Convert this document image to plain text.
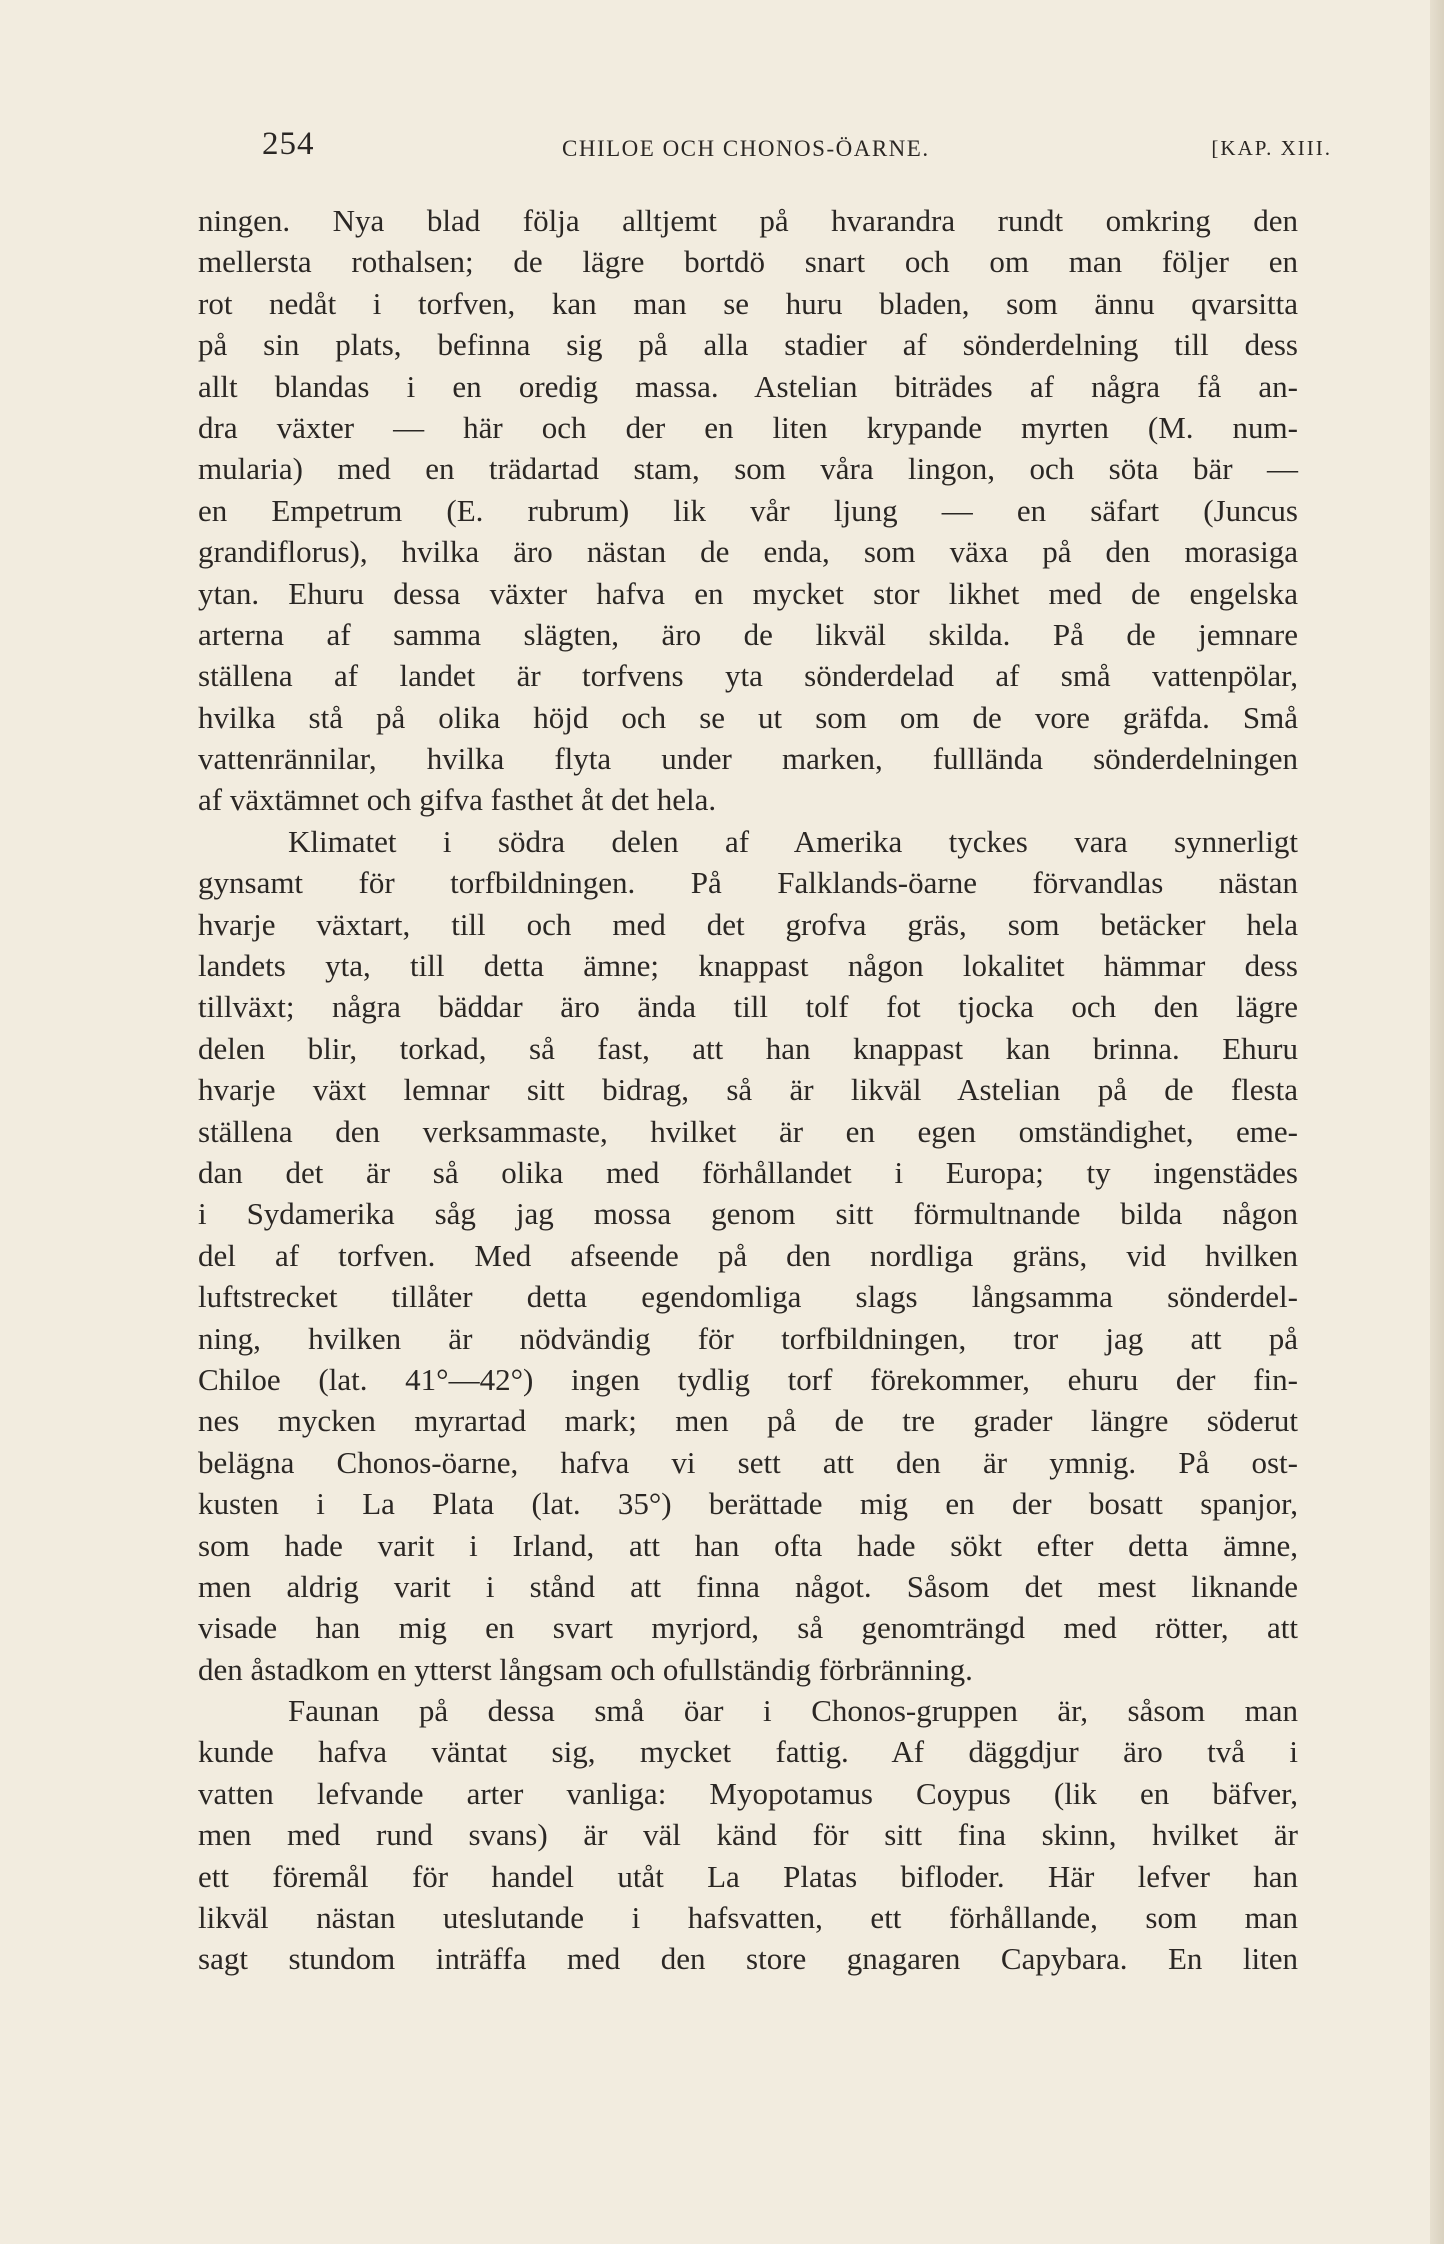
254	CHILOE OCH CHONOS-ÖARNE.	[KAP. XIII.
ningen. Nya blad följa alltjemt på hvarandra rundt omkring den
mellersta rothalsen; de lägre bortdö snart och om man följer en
rot nedåt i torfven, kan man se huru bladen, som ännu qvarsitta
på sin plats, befinna sig på alla stadier af sönderdelning till dess
allt blandas i en oredig massa. Astelian biträdes af några få an-
dra växter — här och der en liten krypande myrten (M. num-
mularia) med en trädartad stam, som våra lingon, och söta bär —
en Empetrum (E. rubrum) lik vår ljung — en säfart (Juncus
grandiflorus), hvilka äro nästan de enda, som växa på den morasiga
ytan. Ehuru dessa växter hafva en mycket stor likhet med de engelska
arterna af samma slägten, äro de likväl skilda. På de jemnare
ställena af landet är torfvens yta sönderdelad af små vattenpölar,
hvilka stå på olika höjd och se ut som om de vore gräfda. Små
vattenrännilar, hvilka flyta under marken, fulllända sönderdelningen
af växtämnet och gifva fasthet åt det hela.
Klimatet i södra delen af Amerika tyckes vara synnerligt
gynsamt för torfbildningen. På Falklands-öarne förvandlas nästan
hvarje växtart, till och med det grofva gräs, som betäcker hela
landets yta, till detta ämne; knappast någon lokalitet hämmar dess
tillväxt; några bäddar äro ända till tolf fot tjocka och den lägre
delen blir, torkad, så fast, att han knappast kan brinna. Ehuru
hvarje växt lemnar sitt bidrag, så är likväl Astelian på de flesta
ställena den verksammaste, hvilket är en egen omständighet, eme-
dan det är så olika med förhållandet i Europa; ty ingenstädes
i Sydamerika såg jag mossa genom sitt förmultnande bilda någon
del af torfven. Med afseende på den nordliga gräns, vid hvilken
luftstrecket tillåter detta egendomliga slags långsamma sönderdel-
ning, hvilken är nödvändig för torfbildningen, tror jag att på
Chiloe (lat. 41°—42°) ingen tydlig torf förekommer, ehuru der fin-
nes mycken myrartad mark; men på de tre grader längre söderut
belägna Chonos-öarne, hafva vi sett att den är ymnig. På ost-
kusten i La Plata (lat. 35°) berättade mig en der bosatt spanjor,
som hade varit i Irland, att han ofta hade sökt efter detta ämne,
men aldrig varit i stånd att finna något. Såsom det mest liknande
visade han mig en svart myrjord, så genomträngd med rötter, att
den åstadkom en ytterst långsam och ofullständig förbränning.
Faunan på dessa små öar i Chonos-gruppen är, såsom man
kunde hafva väntat sig, mycket fattig. Af däggdjur äro två i
vatten lefvande arter vanliga: Myopotamus Coypus (lik en bäfver,
men med rund svans) är väl känd för sitt fina skinn, hvilket är
ett föremål för handel utåt La Platas bifloder. Här lefver han
likväl nästan uteslutande i hafsvatten, ett förhållande, som man
sagt stundom inträffa med den store gnagaren Capybara. En liten
